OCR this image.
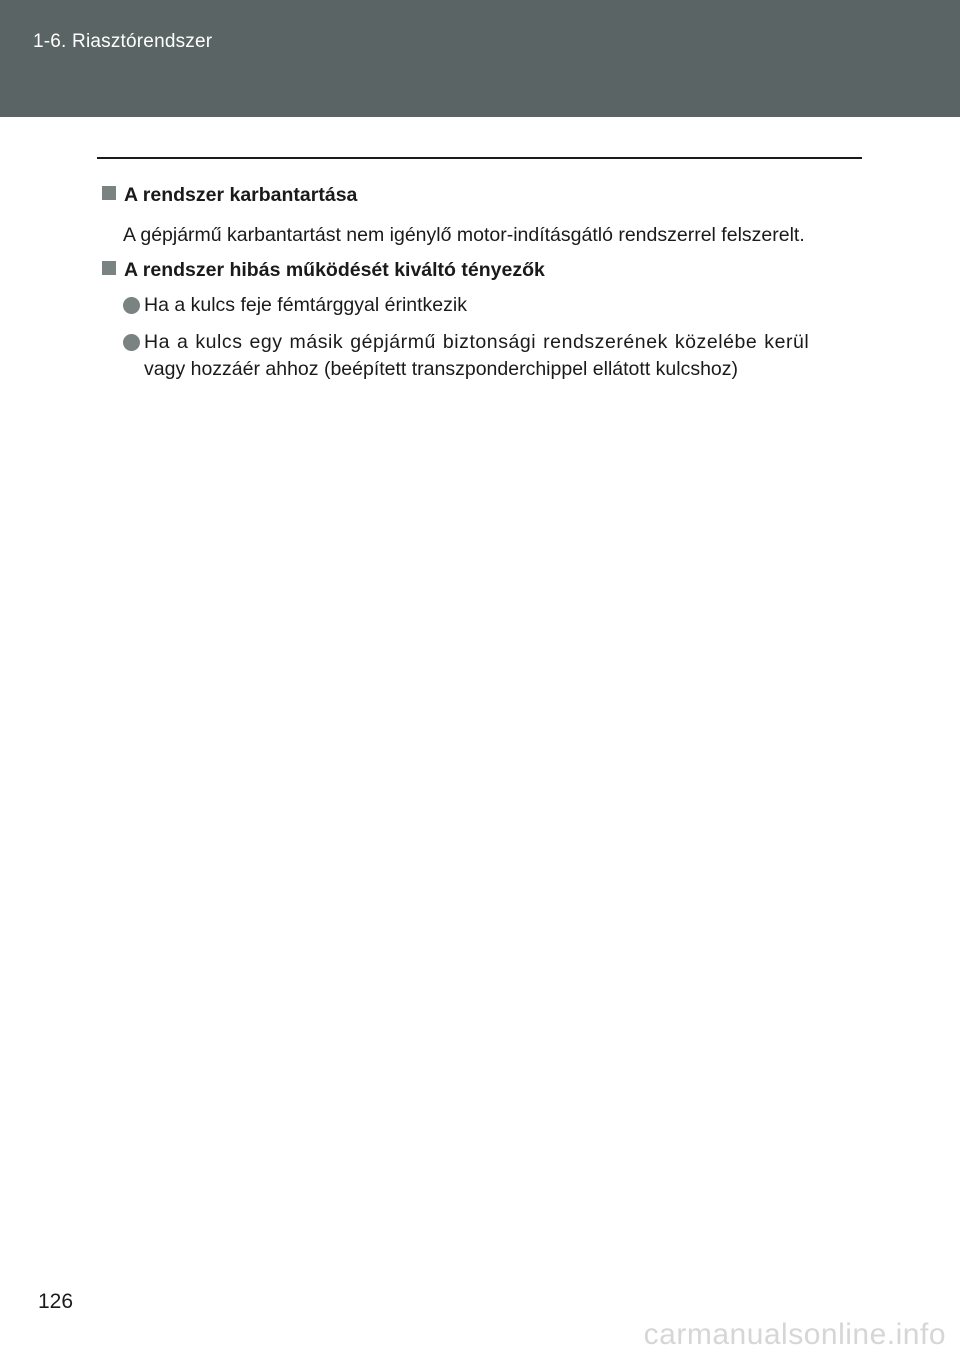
1-6. Riasztórendszer
A rendszer karbantartása
A gépjármű karbantartást nem igénylő motor-indításgátló rendszerrel felszerelt.
A rendszer hibás működését kiváltó tényezők
Ha a kulcs feje fémtárggyal érintkezik
Ha a kulcs egy másik gépjármű biztonsági rendszerének közelébe kerül
vagy hozzáér ahhoz (beépített transzponderchippel ellátott kulcshoz)
126
carmanualsonline.info
